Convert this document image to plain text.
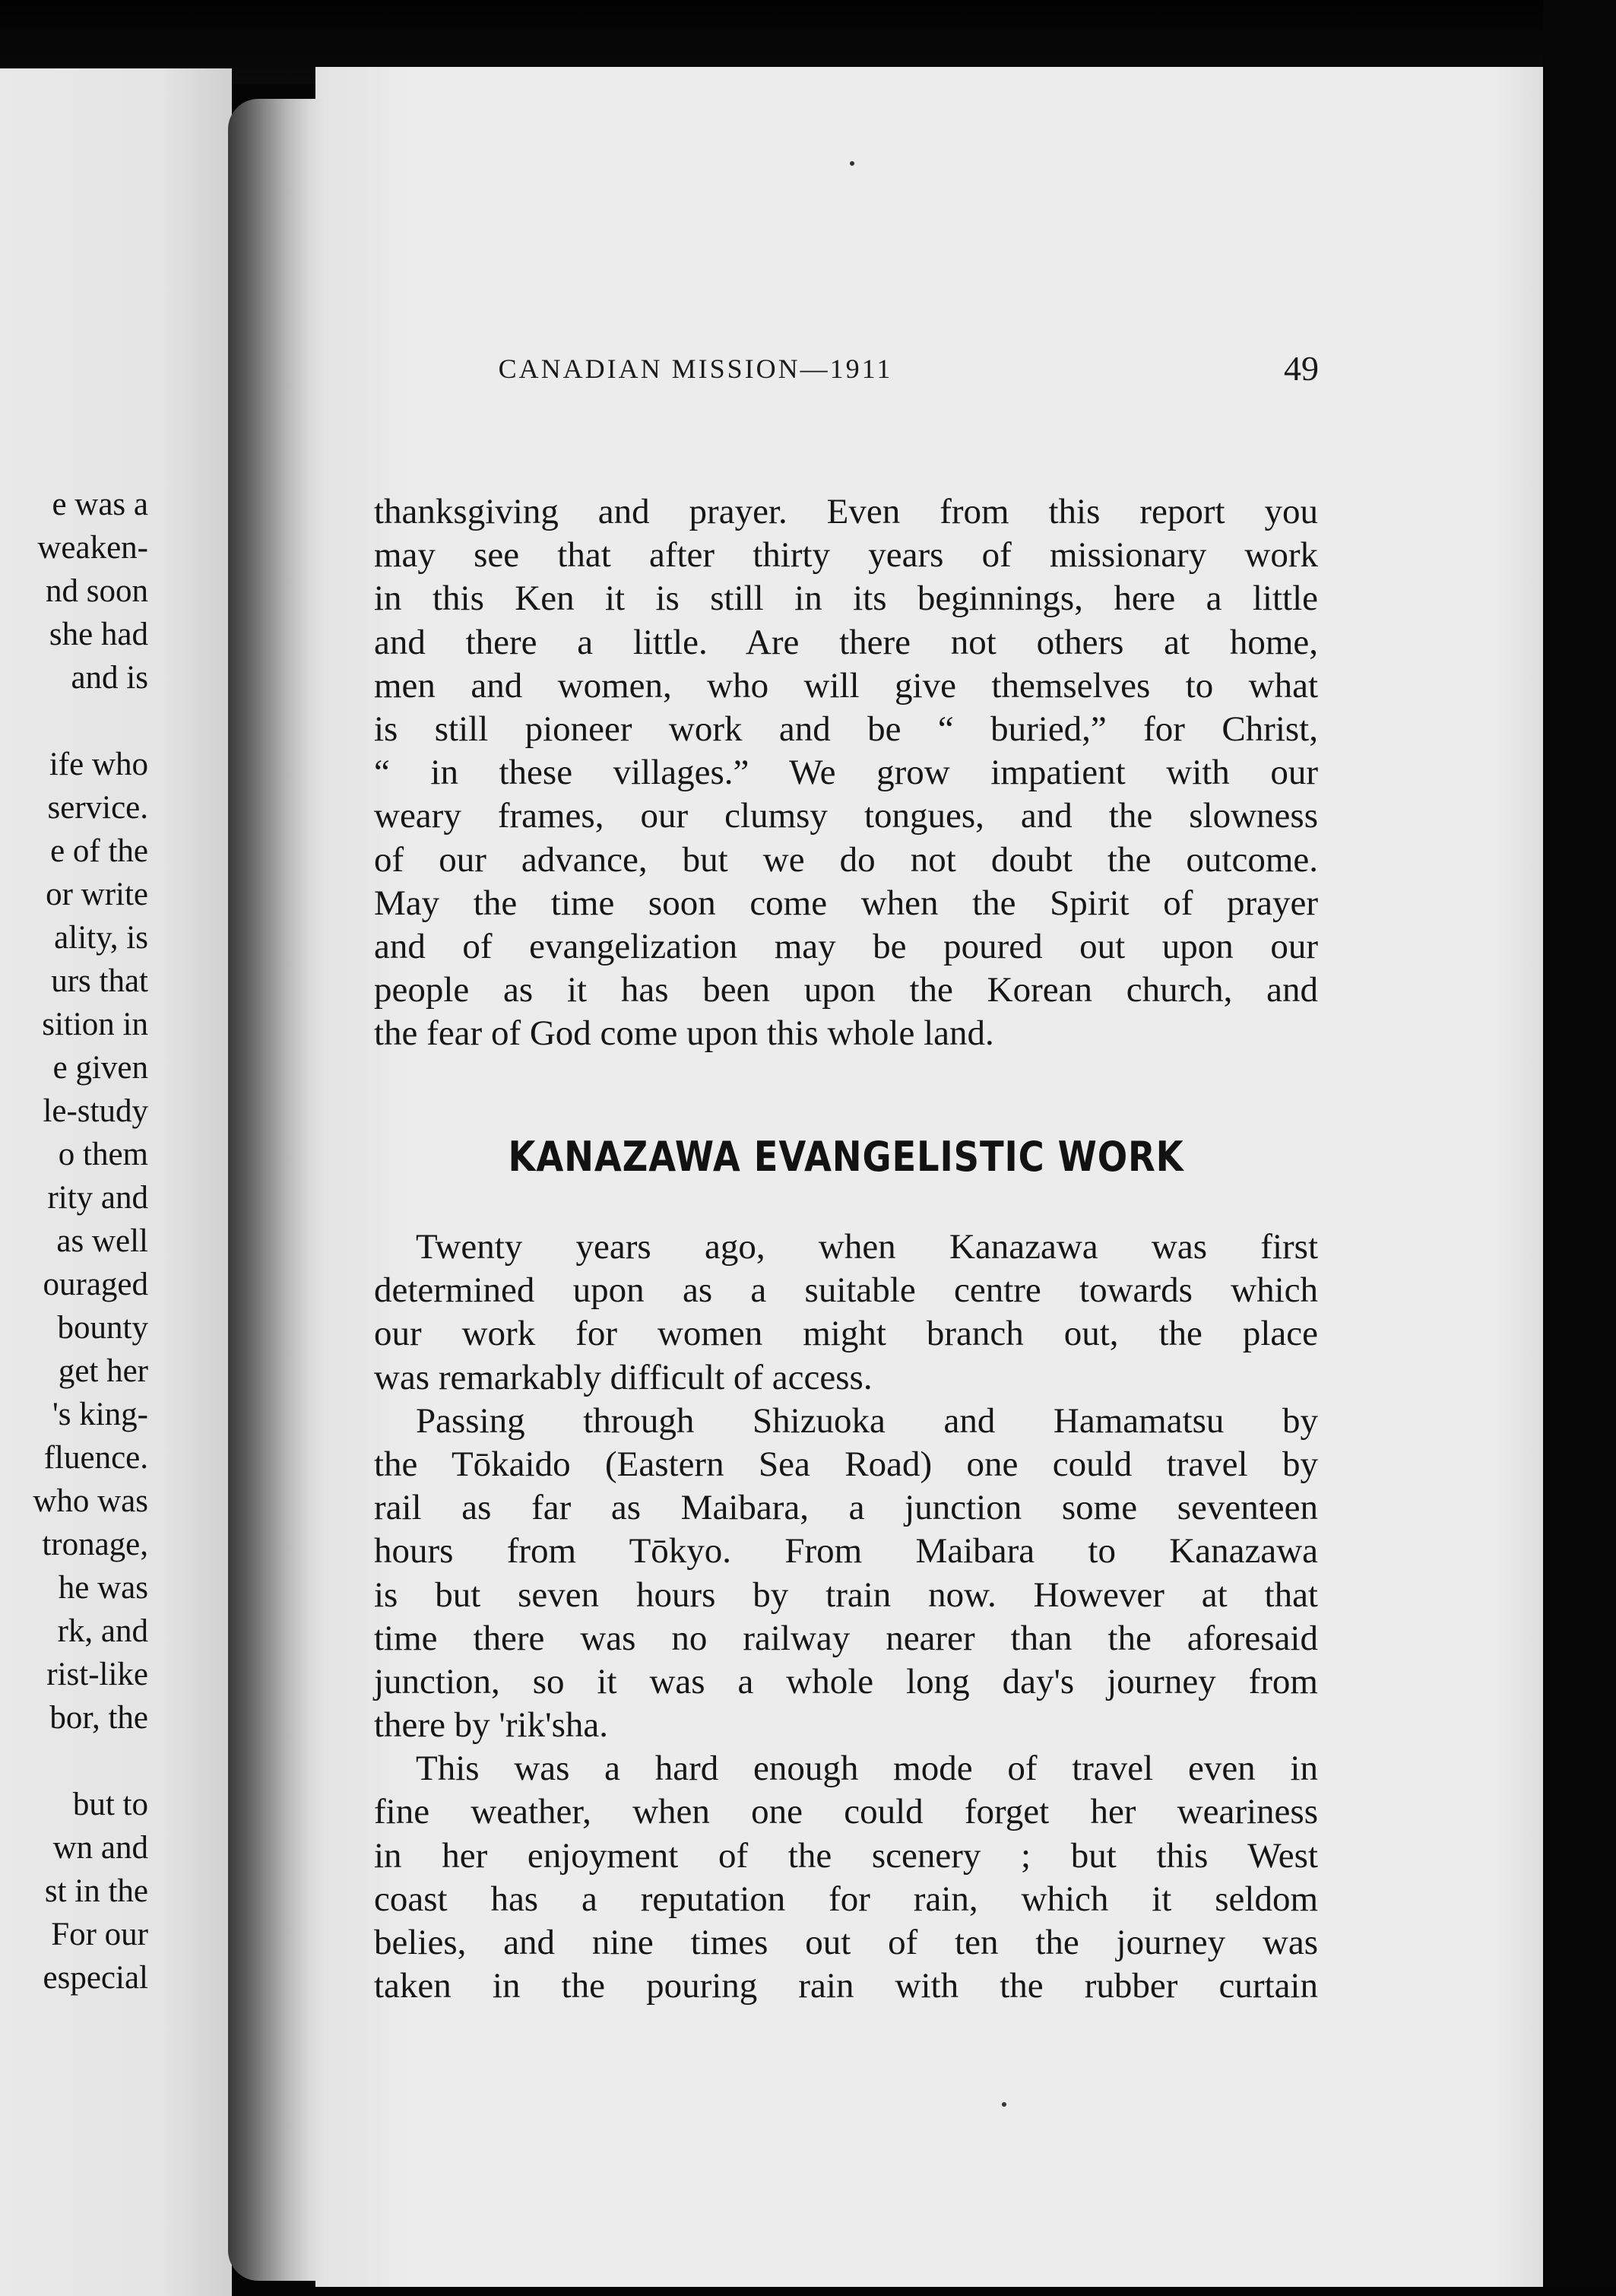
e was a
weaken-
nd soon
she had
and is
ife who
service.
e of the
or write
ality, is
urs that
sition in
e given
le-study
o them
rity and
as well
ouraged
bounty
get her
's king-
fluence.
who was
tronage,
he was
rk, and
rist-like
bor, the
but to
wn and
st in the
For our
especial
CANADIAN MISSION—1911	49
thanksgiving and prayer. Even from this report you
may see that after thirty years of missionary work
in this Ken it is still in its beginnings, here a little
and there a little. Are there not others at home,
men and women, who will give themselves to what
is still pioneer work and be “ buried,” for Christ,
“ in these villages.” We grow impatient with our
weary frames, our clumsy tongues, and the slowness
of our advance, but we do not doubt the outcome.
May the time soon come when the Spirit of prayer
and of evangelization may be poured out upon our
people as it has been upon the Korean church, and
the fear of God come upon this whole land.
KANAZAWA EVANGELISTIC WORK
Twenty years ago, when Kanazawa was first
determined upon as a suitable centre towards which
our work for women might branch out, the place
was remarkably difficult of access.
Passing through Shizuoka and Hamamatsu by
the Tōkaido (Eastern Sea Road) one could travel by
rail as far as Maibara, a junction some seventeen
hours from Tōkyo. From Maibara to Kanazawa
is but seven hours by train now. However at that
time there was no railway nearer than the aforesaid
junction, so it was a whole long day's journey from
there by 'rik'sha.
This was a hard enough mode of travel even in
fine weather, when one could forget her weariness
in her enjoyment of the scenery ; but this West
coast has a reputation for rain, which it seldom
belies, and nine times out of ten the journey was
taken in the pouring rain with the rubber curtain
